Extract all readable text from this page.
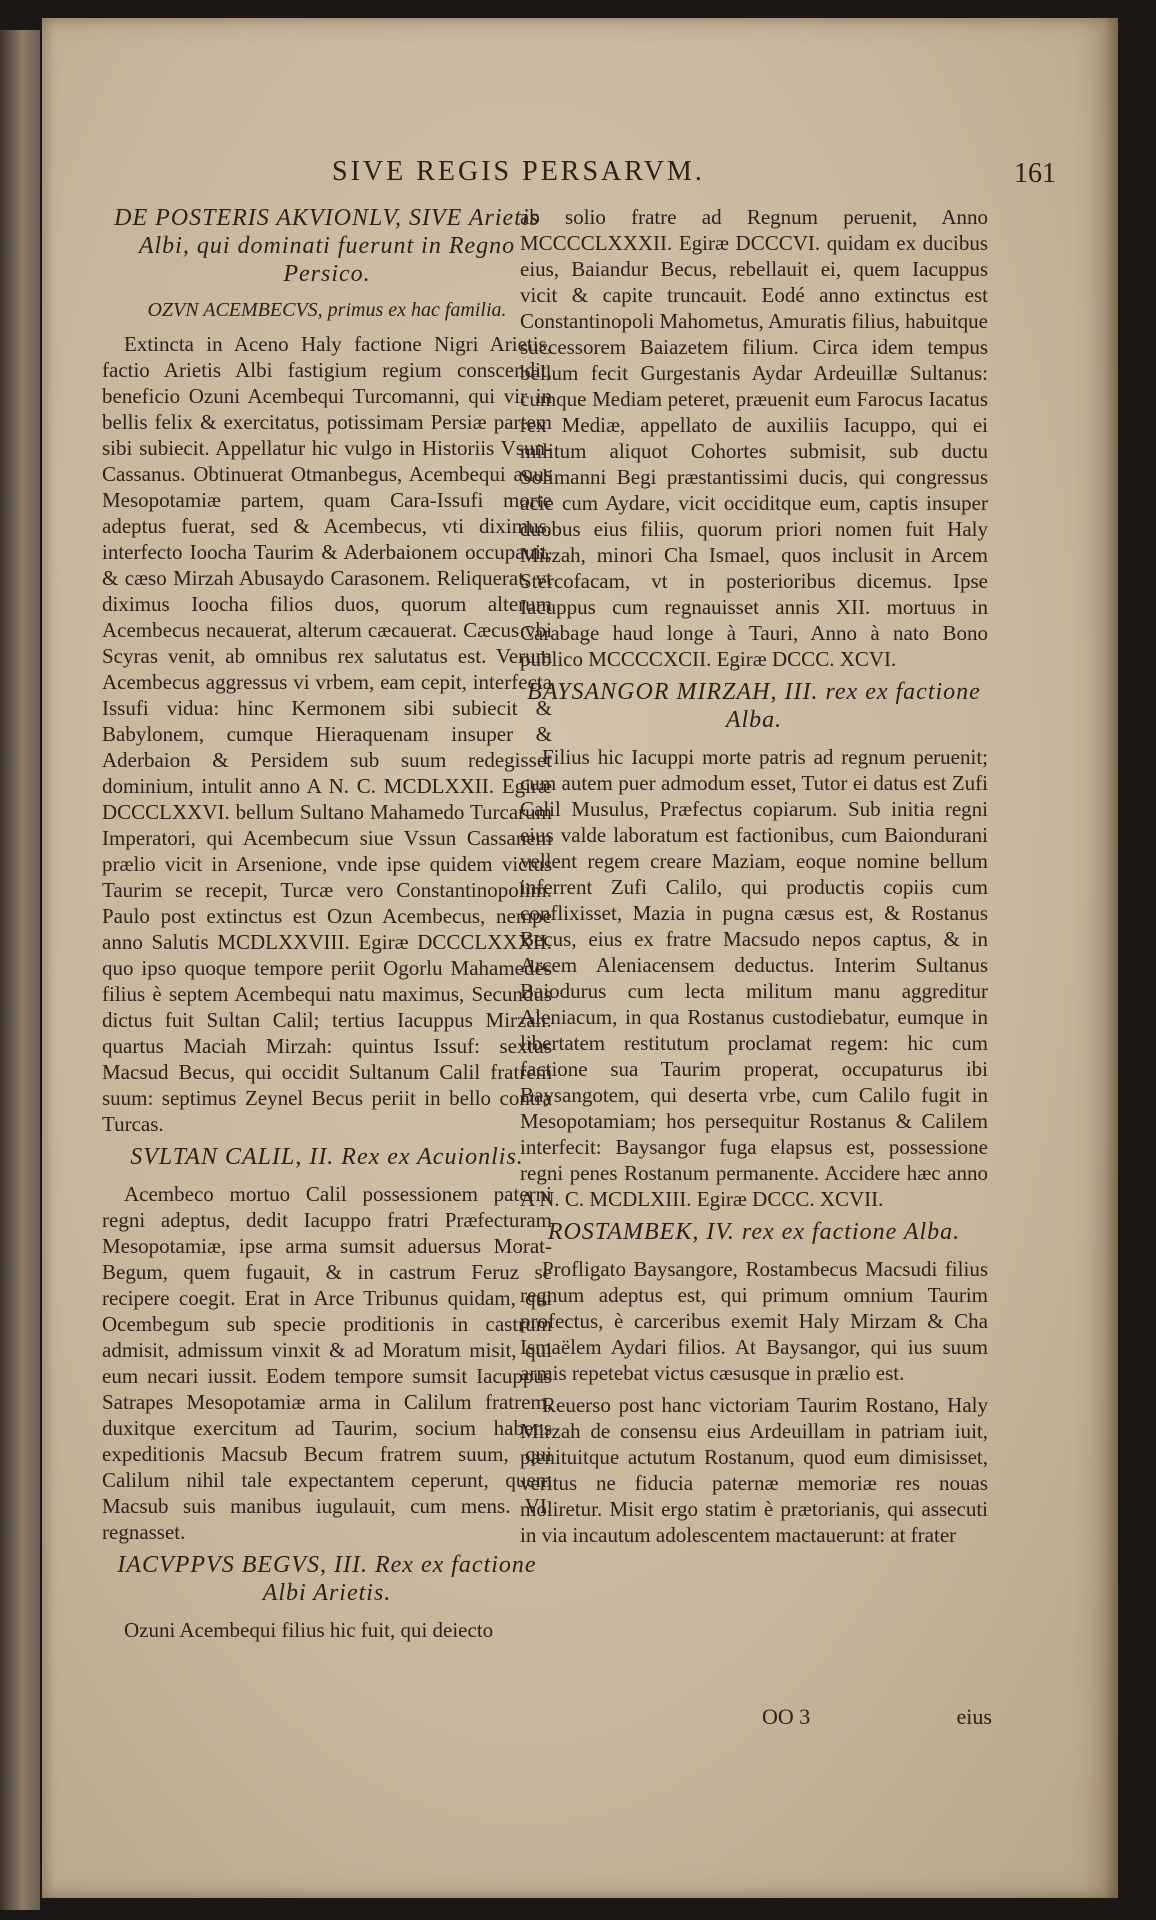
SIVE REGIS PERSARVM.	161
DE POSTERIS AKVIONLV, SIVE Arietis Albi, qui dominati fuerunt in Regno Persico.
OZVN ACEMBECVS, primus ex hac familia.

Extincta in Aceno Haly factione Nigri Arietis, factio Arietis Albi fastigium regium conscendit, beneficio Ozuni Acembequi Turcomanni, qui vir in bellis felix & exercitatus, potissimam Persiæ partem sibi subiecit. Appellatur hic vulgo in Historiis Vsun-Cassanus. Obtinuerat Otmanbegus, Acembequi auus Mesopotamiæ partem, quam Cara-Issufi morte adeptus fuerat, sed & Acembecus, vti diximus, interfecto Ioocha Taurim & Aderbaionem occupauit, & cæso Mirzah Abusaydo Carasonem. Reliquerat, vt diximus Ioocha filios duos, quorum alterum Acembecus necauerat, alterum cæcauerat. Cæcus vbi Scyras venit, ab omnibus rex salutatus est. Verum Acembecus aggressus vi vrbem, eam cepit, interfecta Issufi vidua: hinc Kermonem sibi subiecit & Babylonem, cumque Hieraquenam insuper & Aderbaion & Persidem sub suum redegisset dominium, intulit anno A N. C. MCDLXXII. Egiræ DCCCLXXVI. bellum Sultano Mahamedo Turcarum Imperatori, qui Acembecum siue Vssun Cassanem prælio vicit in Arsenione, vnde ipse quidem victus Taurim se recepit, Turcæ vero Constantinopolim. Paulo post extinctus est Ozun Acembecus, nempe anno Salutis MCDLXXVIII. Egiræ DCCCLXXXII. quo ipso quoque tempore periit Ogorlu Mahamedes filius è septem Acembequi natu maximus, Secundus dictus fuit Sultan Calil; tertius Iacuppus Mirzah: quartus Maciah Mirzah: quintus Issuf: sextus Macsud Becus, qui occidit Sultanum Calil fratrem suum: septimus Zeynel Becus periit in bello contra Turcas.

SVLTAN CALIL, II. Rex ex Acuionlis.

Acembeco mortuo Calil possessionem paterni regni adeptus, dedit Iacuppo fratri Præfecturam Mesopotamiæ, ipse arma sumsit aduersus Morat-Begum, quem fugauit, & in castrum Feruz se recipere coegit. Erat in Arce Tribunus quidam, qui Ocembegum sub specie proditionis in castrum admisit, admissum vinxit & ad Moratum misit, qui eum necari iussit. Eodem tempore sumsit Iacuppus Satrapes Mesopotamiæ arma in Calilum fratrem, duxitque exercitum ad Taurim, socium habens expeditionis Macsub Becum fratrem suum, qui Calilum nihil tale expectantem ceperunt, quem Macsub suis manibus iugulauit, cum mens. VI. regnasset.

IACVPPVS BEGVS, III. Rex ex factione Albi Arietis.

Ozuni Acembequi filius hic fuit, qui deiecto

ab solio fratre ad Regnum peruenit, Anno MCCCCLXXXII. Egiræ DCCCVI. quidam ex ducibus eius, Baiandur Becus, rebellauit ei, quem Iacuppus vicit & capite truncauit. Eodé anno extinctus est Constantinopoli Mahometus, Amuratis filius, habuitque successorem Baiazetem filium. Circa idem tempus bellum fecit Gurgestanis Aydar Ardeuillæ Sultanus: cumque Mediam peteret, præuenit eum Farocus Iacatus rex Mediæ, appellato de auxiliis Iacuppo, qui ei militum aliquot Cohortes submisit, sub ductu Solimanni Begi præstantissimi ducis, qui congressus acie cum Aydare, vicit occiditque eum, captis insuper duobus eius filiis, quorum priori nomen fuit Haly Mirzah, minori Cha Ismael, quos inclusit in Arcem Stercofacam, vt in posterioribus dicemus. Ipse Iacuppus cum regnauisset annis XII. mortuus in Carabage haud longe à Tauri, Anno à nato Bono publico MCCCCXCII. Egiræ DCCC. XCVI.

BAYSANGOR MIRZAH, III. rex ex factione Alba.

Filius hic Iacuppi morte patris ad regnum peruenit; cum autem puer admodum esset, Tutor ei datus est Zufi Calil Musulus, Præfectus copiarum. Sub initia regni eius valde laboratum est factionibus, cum Baiondurani vellent regem creare Maziam, eoque nomine bellum inferrent Zufi Calilo, qui productis copiis cum conflixisset, Mazia in pugna cæsus est, & Rostanus Becus, eius ex fratre Macsudo nepos captus, & in Arcem Aleniacensem deductus. Interim Sultanus Baiodurus cum lecta militum manu aggreditur Aleniacum, in qua Rostanus custodiebatur, eumque in libertatem restitutum proclamat regem: hic cum factione sua Taurim properat, occupaturus ibi Baysangotem, qui deserta vrbe, cum Calilo fugit in Mesopotamiam; hos persequitur Rostanus & Calilem interfecit: Baysangor fuga elapsus est, possessione regni penes Rostanum permanente. Accidere hæc anno A N. C. MCDLXIII. Egiræ DCCC. XCVII.

ROSTAMBEK, IV. rex ex factione Alba.

Profligato Baysangore, Rostambecus Macsudi filius regnum adeptus est, qui primum omnium Taurim profectus, è carceribus exemit Haly Mirzam & Cha Ismaëlem Aydari filios. At Baysangor, qui ius suum armis repetebat victus cæsusque in prælio est.

Reuerso post hanc victoriam Taurim Rostano, Haly Mirzah de consensu eius Ardeuillam in patriam iuit, pænituitque actutum Rostanum, quod eum dimisisset, veritus ne fiducia paternæ memoriæ res nouas moliretur. Misit ergo statim è prætorianis, qui assecuti in via incautum adolescentem mactauerunt: at frater

OO 3	eius
